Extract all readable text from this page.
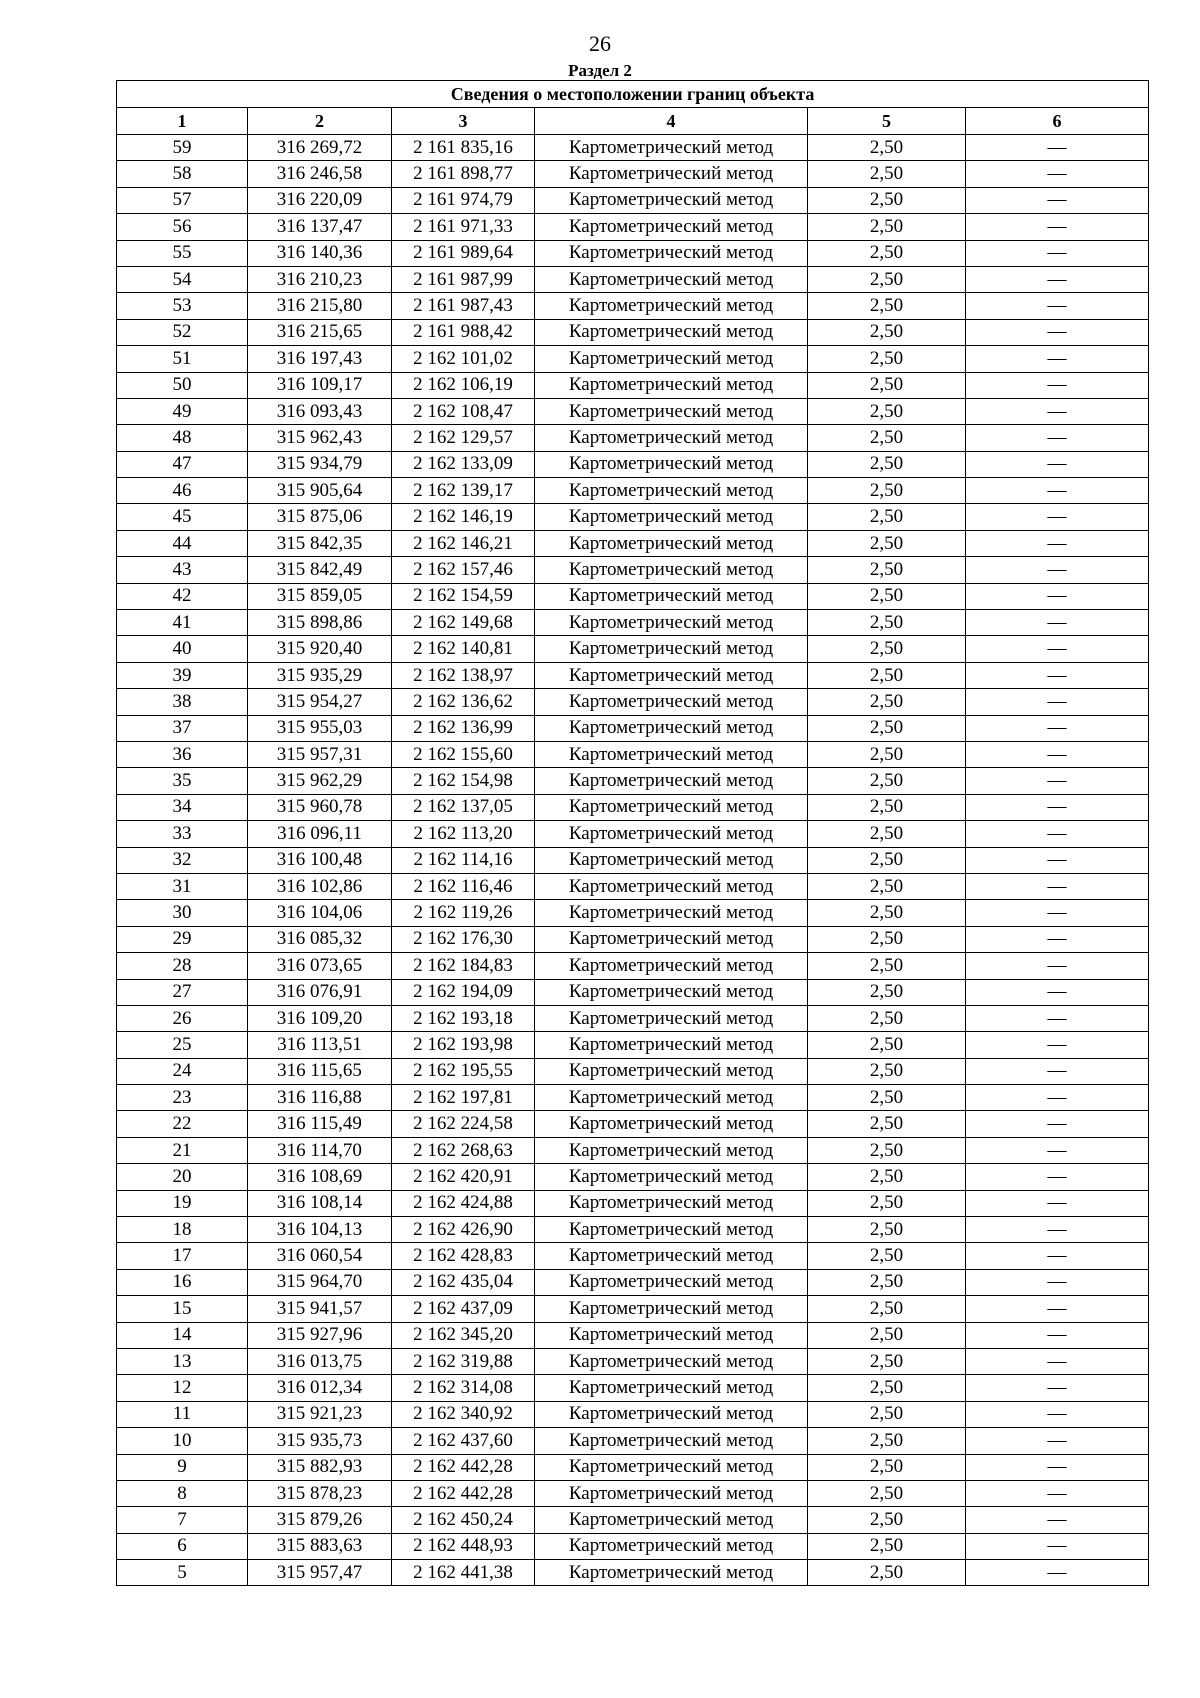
26
Раздел 2
Сведения о местоположении границ объекта					
1	2	3	4	5	6
59	316 269,72	2 161 835,16	Картометрический метод	2,50	—
58	316 246,58	2 161 898,77	Картометрический метод	2,50	—
57	316 220,09	2 161 974,79	Картометрический метод	2,50	—
56	316 137,47	2 161 971,33	Картометрический метод	2,50	—
55	316 140,36	2 161 989,64	Картометрический метод	2,50	—
54	316 210,23	2 161 987,99	Картометрический метод	2,50	—
53	316 215,80	2 161 987,43	Картометрический метод	2,50	—
52	316 215,65	2 161 988,42	Картометрический метод	2,50	—
51	316 197,43	2 162 101,02	Картометрический метод	2,50	—
50	316 109,17	2 162 106,19	Картометрический метод	2,50	—
49	316 093,43	2 162 108,47	Картометрический метод	2,50	—
48	315 962,43	2 162 129,57	Картометрический метод	2,50	—
47	315 934,79	2 162 133,09	Картометрический метод	2,50	—
46	315 905,64	2 162 139,17	Картометрический метод	2,50	—
45	315 875,06	2 162 146,19	Картометрический метод	2,50	—
44	315 842,35	2 162 146,21	Картометрический метод	2,50	—
43	315 842,49	2 162 157,46	Картометрический метод	2,50	—
42	315 859,05	2 162 154,59	Картометрический метод	2,50	—
41	315 898,86	2 162 149,68	Картометрический метод	2,50	—
40	315 920,40	2 162 140,81	Картометрический метод	2,50	—
39	315 935,29	2 162 138,97	Картометрический метод	2,50	—
38	315 954,27	2 162 136,62	Картометрический метод	2,50	—
37	315 955,03	2 162 136,99	Картометрический метод	2,50	—
36	315 957,31	2 162 155,60	Картометрический метод	2,50	—
35	315 962,29	2 162 154,98	Картометрический метод	2,50	—
34	315 960,78	2 162 137,05	Картометрический метод	2,50	—
33	316 096,11	2 162 113,20	Картометрический метод	2,50	—
32	316 100,48	2 162 114,16	Картометрический метод	2,50	—
31	316 102,86	2 162 116,46	Картометрический метод	2,50	—
30	316 104,06	2 162 119,26	Картометрический метод	2,50	—
29	316 085,32	2 162 176,30	Картометрический метод	2,50	—
28	316 073,65	2 162 184,83	Картометрический метод	2,50	—
27	316 076,91	2 162 194,09	Картометрический метод	2,50	—
26	316 109,20	2 162 193,18	Картометрический метод	2,50	—
25	316 113,51	2 162 193,98	Картометрический метод	2,50	—
24	316 115,65	2 162 195,55	Картометрический метод	2,50	—
23	316 116,88	2 162 197,81	Картометрический метод	2,50	—
22	316 115,49	2 162 224,58	Картометрический метод	2,50	—
21	316 114,70	2 162 268,63	Картометрический метод	2,50	—
20	316 108,69	2 162 420,91	Картометрический метод	2,50	—
19	316 108,14	2 162 424,88	Картометрический метод	2,50	—
18	316 104,13	2 162 426,90	Картометрический метод	2,50	—
17	316 060,54	2 162 428,83	Картометрический метод	2,50	—
16	315 964,70	2 162 435,04	Картометрический метод	2,50	—
15	315 941,57	2 162 437,09	Картометрический метод	2,50	—
14	315 927,96	2 162 345,20	Картометрический метод	2,50	—
13	316 013,75	2 162 319,88	Картометрический метод	2,50	—
12	316 012,34	2 162 314,08	Картометрический метод	2,50	—
11	315 921,23	2 162 340,92	Картометрический метод	2,50	—
10	315 935,73	2 162 437,60	Картометрический метод	2,50	—
9	315 882,93	2 162 442,28	Картометрический метод	2,50	—
8	315 878,23	2 162 442,28	Картометрический метод	2,50	—
7	315 879,26	2 162 450,24	Картометрический метод	2,50	—
6	315 883,63	2 162 448,93	Картометрический метод	2,50	—
5	315 957,47	2 162 441,38	Картометрический метод	2,50	—
